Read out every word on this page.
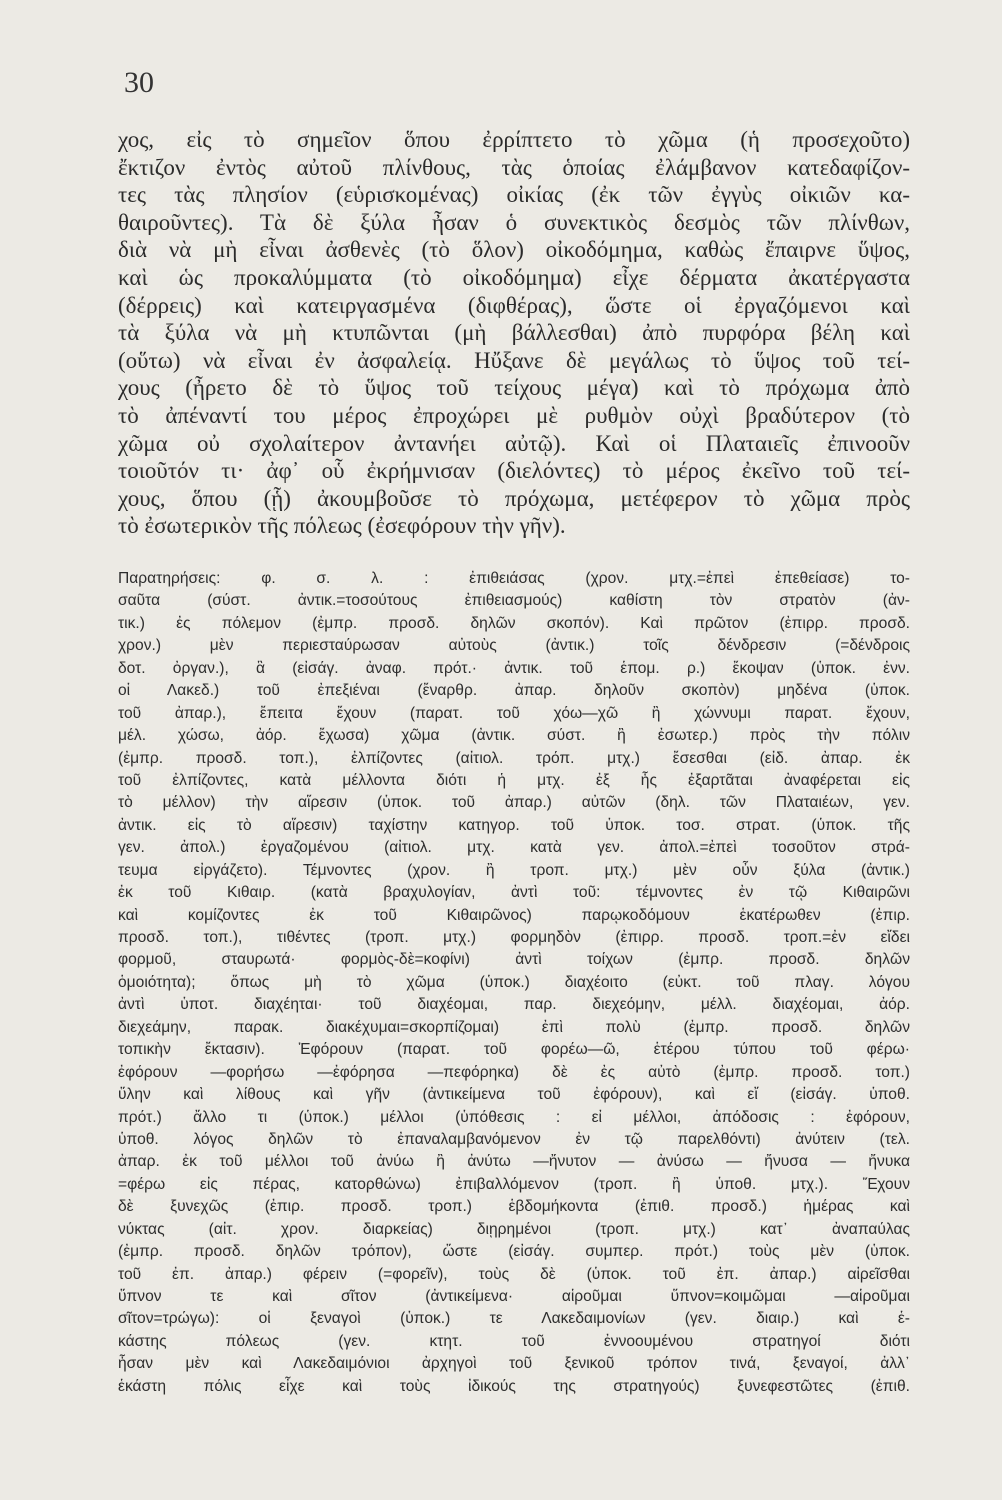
30
χος, εἰς τὸ σημεῖον ὅπου ἐρρίπτετο τὸ χῶμα (ἡ προσεχοῦτο)
ἔκτιζον ἐντὸς αὐτοῦ πλίνθους, τὰς ὁποίας ἐλάμβανον κατεδαφίζον-
τες τὰς πλησίον (εὑρισκομένας) οἰκίας (ἐκ τῶν ἐγγὺς οἰκιῶν κα-
θαιροῦντες). Τὰ δὲ ξύλα ἦσαν ὁ συνεκτικὸς δεσμὸς τῶν πλίνθων,
διὰ νὰ μὴ εἶναι ἀσθενὲς (τὸ ὅλον) οἰκοδόμημα, καθὼς ἔπαιρνε ὕψος,
καὶ ὡς προκαλύμματα (τὸ οἰκοδόμημα) εἶχε δέρματα ἀκατέργαστα
(δέρρεις) καὶ κατειργασμένα (διφθέρας), ὥστε οἱ ἐργαζόμενοι καὶ
τὰ ξύλα νὰ μὴ κτυπῶνται (μὴ βάλλεσθαι) ἀπὸ πυρφόρα βέλη καὶ
(οὕτω) νὰ εἶναι ἐν ἀσφαλείᾳ. Ηὔξανε δὲ μεγάλως τὸ ὕψος τοῦ τεί-
χους (ἦρετο δὲ τὸ ὕψος τοῦ τείχους μέγα) καὶ τὸ πρόχωμα ἀπὸ
τὸ ἀπέναντί του μέρος ἐπροχώρει μὲ ρυθμὸν οὐχὶ βραδύτερον (τὸ
χῶμα οὐ σχολαίτερον ἀντανήει αὐτῷ). Καὶ οἱ Πλαταιεῖς ἐπινοοῦν
τοιοῦτόν τι· ἀφ᾽ οὗ ἐκρήμνισαν (διελόντες) τὸ μέρος ἐκεῖνο τοῦ τεί-
χους, ὅπου (ᾗ) ἀκουμβοῦσε τὸ πρόχωμα, μετέφερον τὸ χῶμα πρὸς
τὸ ἐσωτερικὸν τῆς πόλεως (ἐσεφόρουν τὴν γῆν).
Παρατηρήσεις: φ. σ. λ. : ἐπιθειάσας (χρον. μτχ.=ἐπεὶ ἐπεθείασε) το-
σαῦτα (σύστ. ἀντικ.=τοσούτους ἐπιθειασμούς) καθίστη τὸν στρατὸν (ἀν-
τικ.) ἐς πόλεμον (ἐμπρ. προσδ. δηλῶν σκοπόν). Καὶ πρῶτον (ἐπιρρ. προσδ.
χρον.) μὲν περιεσταύρωσαν αὐτοὺς (ἀντικ.) τοῖς δένδρεσιν (=δένδροις
δοτ. ὀργαν.), ἃ (εἰσάγ. ἀναφ. πρότ.· ἀντικ. τοῦ ἑπομ. ρ.) ἔκοψαν (ὑποκ. ἐνν.
οἱ Λακεδ.) τοῦ ἐπεξιέναι (ἔναρθρ. ἀπαρ. δηλοῦν σκοπὸν) μηδένα (ὑποκ.
τοῦ ἀπαρ.), ἔπειτα ἔχουν (παρατ. τοῦ χόω—χῶ ἢ χώννυμι παρατ. ἔχουν,
μέλ. χώσω, ἀόρ. ἔχωσα) χῶμα (ἀντικ. σύστ. ἢ ἐσωτερ.) πρὸς τὴν πόλιν
(ἐμπρ. προσδ. τοπ.), ἐλπίζοντες (αἰτιολ. τρόπ. μτχ.) ἔσεσθαι (εἰδ. ἀπαρ. ἐκ
τοῦ ἐλπίζοντες, κατὰ μέλλοντα διότι ἡ μτχ. ἐξ ἧς ἐξαρτᾶται ἀναφέρεται εἰς
τὸ μέλλον) τὴν αἵρεσιν (ὑποκ. τοῦ ἀπαρ.) αὐτῶν (δηλ. τῶν Πλαταιέων, γεν.
ἀντικ. εἰς τὸ αἵρεσιν) ταχίστην κατηγορ. τοῦ ὑποκ. τοσ. στρατ. (ὑποκ. τῆς
γεν. ἀπολ.) ἐργαζομένου (αἰτιολ. μτχ. κατὰ γεν. ἀπολ.=ἐπεὶ τοσοῦτον στρά-
τευμα εἰργάζετο). Τέμνοντες (χρον. ἢ τροπ. μτχ.) μὲν οὖν ξύλα (ἀντικ.)
ἐκ τοῦ Κιθαιρ. (κατὰ βραχυλογίαν, ἀντὶ τοῦ: τέμνοντες ἐν τῷ Κιθαιρῶνι
καὶ κομίζοντες ἐκ τοῦ Κιθαιρῶνος) παρῳκοδόμουν ἑκατέρωθεν (ἐπιρ.
προσδ. τοπ.), τιθέντες (τροπ. μτχ.) φορμηδὸν (ἐπιρρ. προσδ. τροπ.=ἐν εἴδει
φορμοῦ, σταυρωτά· φορμὸς-δὲ=κοφίνι) ἀντὶ τοίχων (ἐμπρ. προσδ. δηλῶν
ὁμοιότητα); ὅπως μὴ τὸ χῶμα (ὑποκ.) διαχέοιτο (εὐκτ. τοῦ πλαγ. λόγου
ἀντὶ ὑποτ. διαχέηται· τοῦ διαχέομαι, παρ. διεχεόμην, μέλλ. διαχέομαι, ἀόρ.
διεχεάμην, παρακ. διακέχυμαι=σκορπίζομαι) ἐπὶ πολὺ (ἐμπρ. προσδ. δηλῶν
τοπικὴν ἔκτασιν). Ἐφόρουν (παρατ. τοῦ φορέω—ῶ, ἑτέρου τύπου τοῦ φέρω·
ἐφόρουν —φορήσω —ἐφόρησα —πεφόρηκα) δὲ ἐς αὐτὸ (ἐμπρ. προσδ. τοπ.)
ὕλην καὶ λίθους καὶ γῆν (ἀντικείμενα τοῦ ἐφόρουν), καὶ εἴ (εἰσάγ. ὑποθ.
πρότ.) ἄλλο τι (ὑποκ.) μέλλοι (ὑπόθεσις : εἰ μέλλοι, ἀπόδοσις : ἐφόρουν,
ὑποθ. λόγος δηλῶν τὸ ἐπαναλαμβανόμενον ἐν τῷ παρελθόντι) ἀνύτειν (τελ.
ἀπαρ. ἐκ τοῦ μέλλοι τοῦ ἀνύω ἢ ἀνύτω —ἤνυτον — ἀνύσω — ἤνυσα — ἤνυκα
=φέρω εἰς πέρας, κατορθώνω) ἐπιβαλλόμενον (τροπ. ἢ ὑποθ. μτχ.). Ἔχουν
δὲ ξυνεχῶς (ἐπιρ. προσδ. τροπ.) ἑβδομήκοντα (ἐπιθ. προσδ.) ἡμέρας καὶ
νύκτας (αἰτ. χρον. διαρκείας) διῃρημένοι (τροπ. μτχ.) κατ᾽ ἀναπαύλας
(ἐμπρ. προσδ. δηλῶν τρόπον), ὥστε (εἰσάγ. συμπερ. πρότ.) τοὺς μὲν (ὑποκ.
τοῦ ἐπ. ἀπαρ.) φέρειν (=φορεῖν), τοὺς δὲ (ὑποκ. τοῦ ἐπ. ἀπαρ.) αἱρεῖσθαι
ὕπνον τε καὶ σῖτον (ἀντικείμενα· αἱροῦμαι ὕπνον=κοιμῶμαι —αἱροῦμαι
σῖτον=τρώγω): οἱ ξεναγοὶ (ὑποκ.) τε Λακεδαιμονίων (γεν. διαιρ.) καὶ ἑ-
κάστης πόλεως (γεν. κτητ. τοῦ ἐννοουμένου στρατηγοί διότι
ἦσαν μὲν καὶ Λακεδαιμόνιοι ἀρχηγοὶ τοῦ ξενικοῦ τρόπον τινά, ξεναγοί, ἀλλ᾽
ἑκάστη πόλις εἶχε καὶ τοὺς ἰδικούς της στρατηγούς) ξυνεφεστῶτες (ἐπιθ.
